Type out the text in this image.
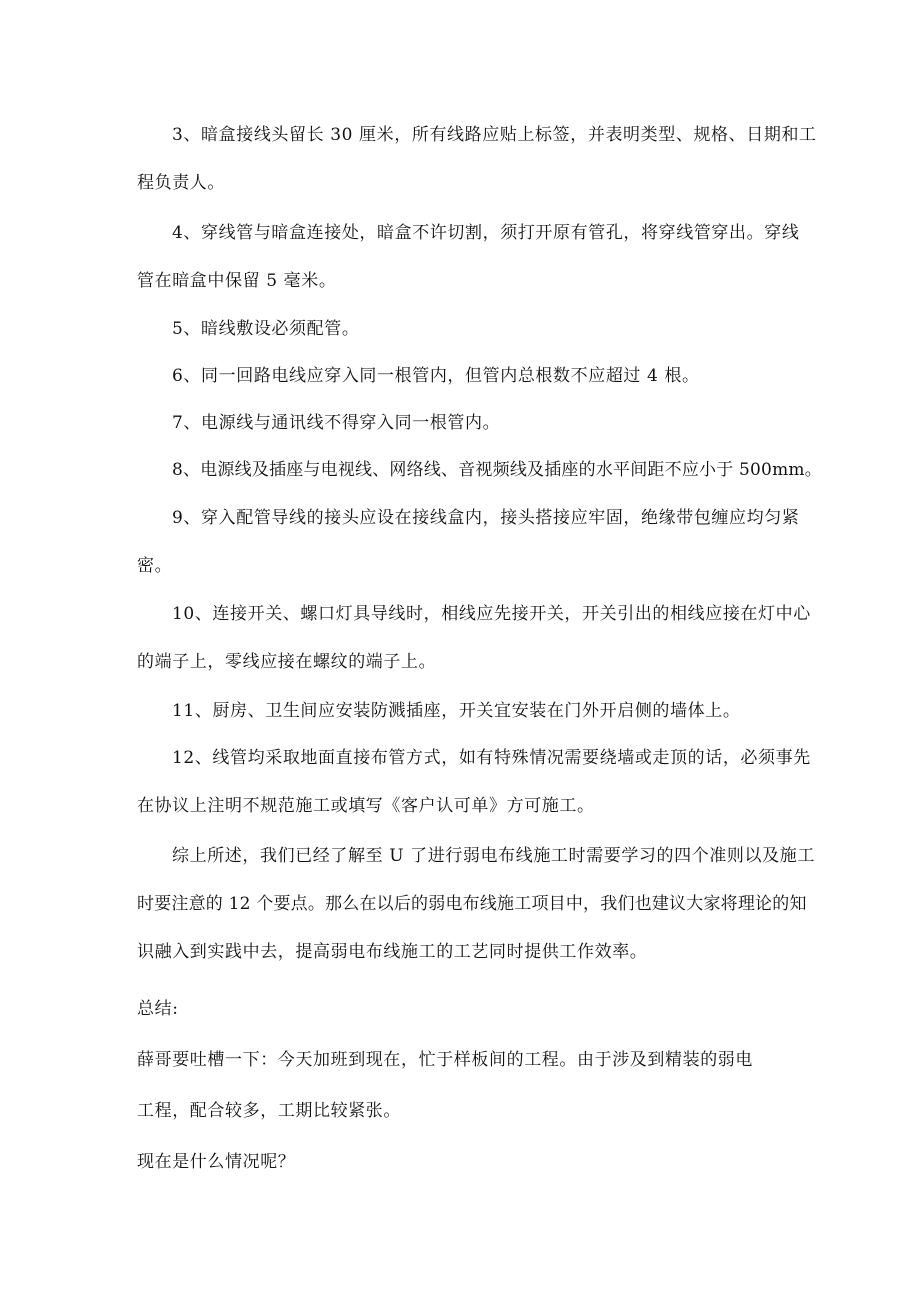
3、暗盒接线头留长 30 厘米，所有线路应贴上标签，并表明类型、规格、日期和工
程负责人。
4、穿线管与暗盒连接处，暗盒不许切割，须打开原有管孔，将穿线管穿出。穿线
管在暗盒中保留 5 毫米。
5、暗线敷设必须配管。
6、同一回路电线应穿入同一根管内，但管内总根数不应超过 4 根。
7、电源线与通讯线不得穿入同一根管内。
8、电源线及插座与电视线、网络线、音视频线及插座的水平间距不应小于 500mm。
9、穿入配管导线的接头应设在接线盒内，接头搭接应牢固，绝缘带包缠应均匀紧
密。
10、连接开关、螺口灯具导线时，相线应先接开关，开关引出的相线应接在灯中心
的端子上，零线应接在螺纹的端子上。
11、厨房、卫生间应安装防溅插座，开关宜安装在门外开启侧的墙体上。
12、线管均采取地面直接布管方式，如有特殊情况需要绕墙或走顶的话，必须事先
在协议上注明不规范施工或填写《客户认可单》方可施工。
综上所述，我们已经了解至 U 了进行弱电布线施工时需要学习的四个准则以及施工
时要注意的 12 个要点。那么在以后的弱电布线施工项目中，我们也建议大家将理论的知
识融入到实践中去，提高弱电布线施工的工艺同时提供工作效率。
总结:
薛哥要吐槽一下：今天加班到现在，忙于样板间的工程。由于涉及到精装的弱电
工程，配合较多，工期比较紧张。
现在是什么情况呢？
